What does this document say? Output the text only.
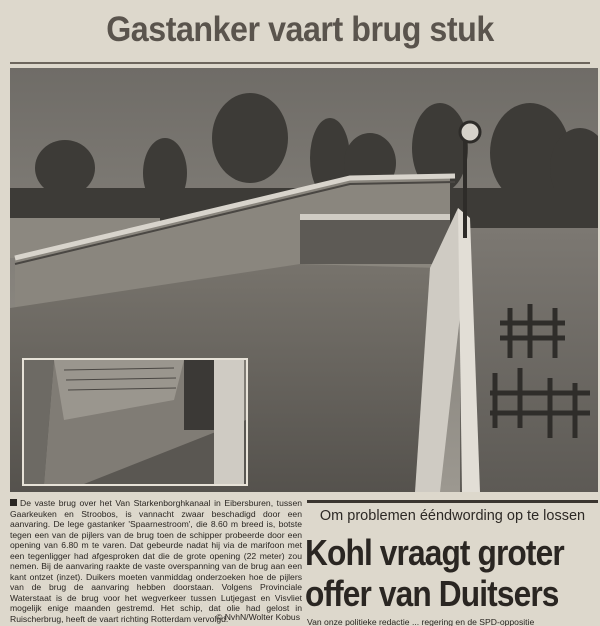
Gastanker vaart brug stuk
De vaste brug over het Van Starkenborghkanaal in Eibersburen, tussen Gaarkeuken en Stroobos, is vannacht zwaar beschadigd door een aanvaring. De lege gastanker 'Spaarnestroom', die 8.60 m breed is, botste tegen een van de pijlers van de brug toen de schipper probeerde door een opening van 6.80 m te varen. Dat gebeurde nadat hij via de marifoon met een tegenligger had afgesproken dat die de grote opening (22 meter) zou nemen. Bij de aanvaring raakte de vaste overspanning van de brug aan een kant ontzet (inzet). Duikers moeten vanmiddag onderzoeken hoe de pijlers van de brug de aanvaring hebben doorstaan. Volgens Provinciale Waterstaat is de brug voor het wegverkeer tussen Lutjegast en Visvliet mogelijk enige maanden gestremd. Het schip, dat olie had gelost in Ruischerbrug, heeft de vaart richting Rotterdam vervolgd.
© NvhN/Wolter Kobus
Om problemen ééndwording op te lossen
Kohl vraagt groter
offer van Duitsers
Van onze politieke redactie ... regering en de SPD-oppositie
